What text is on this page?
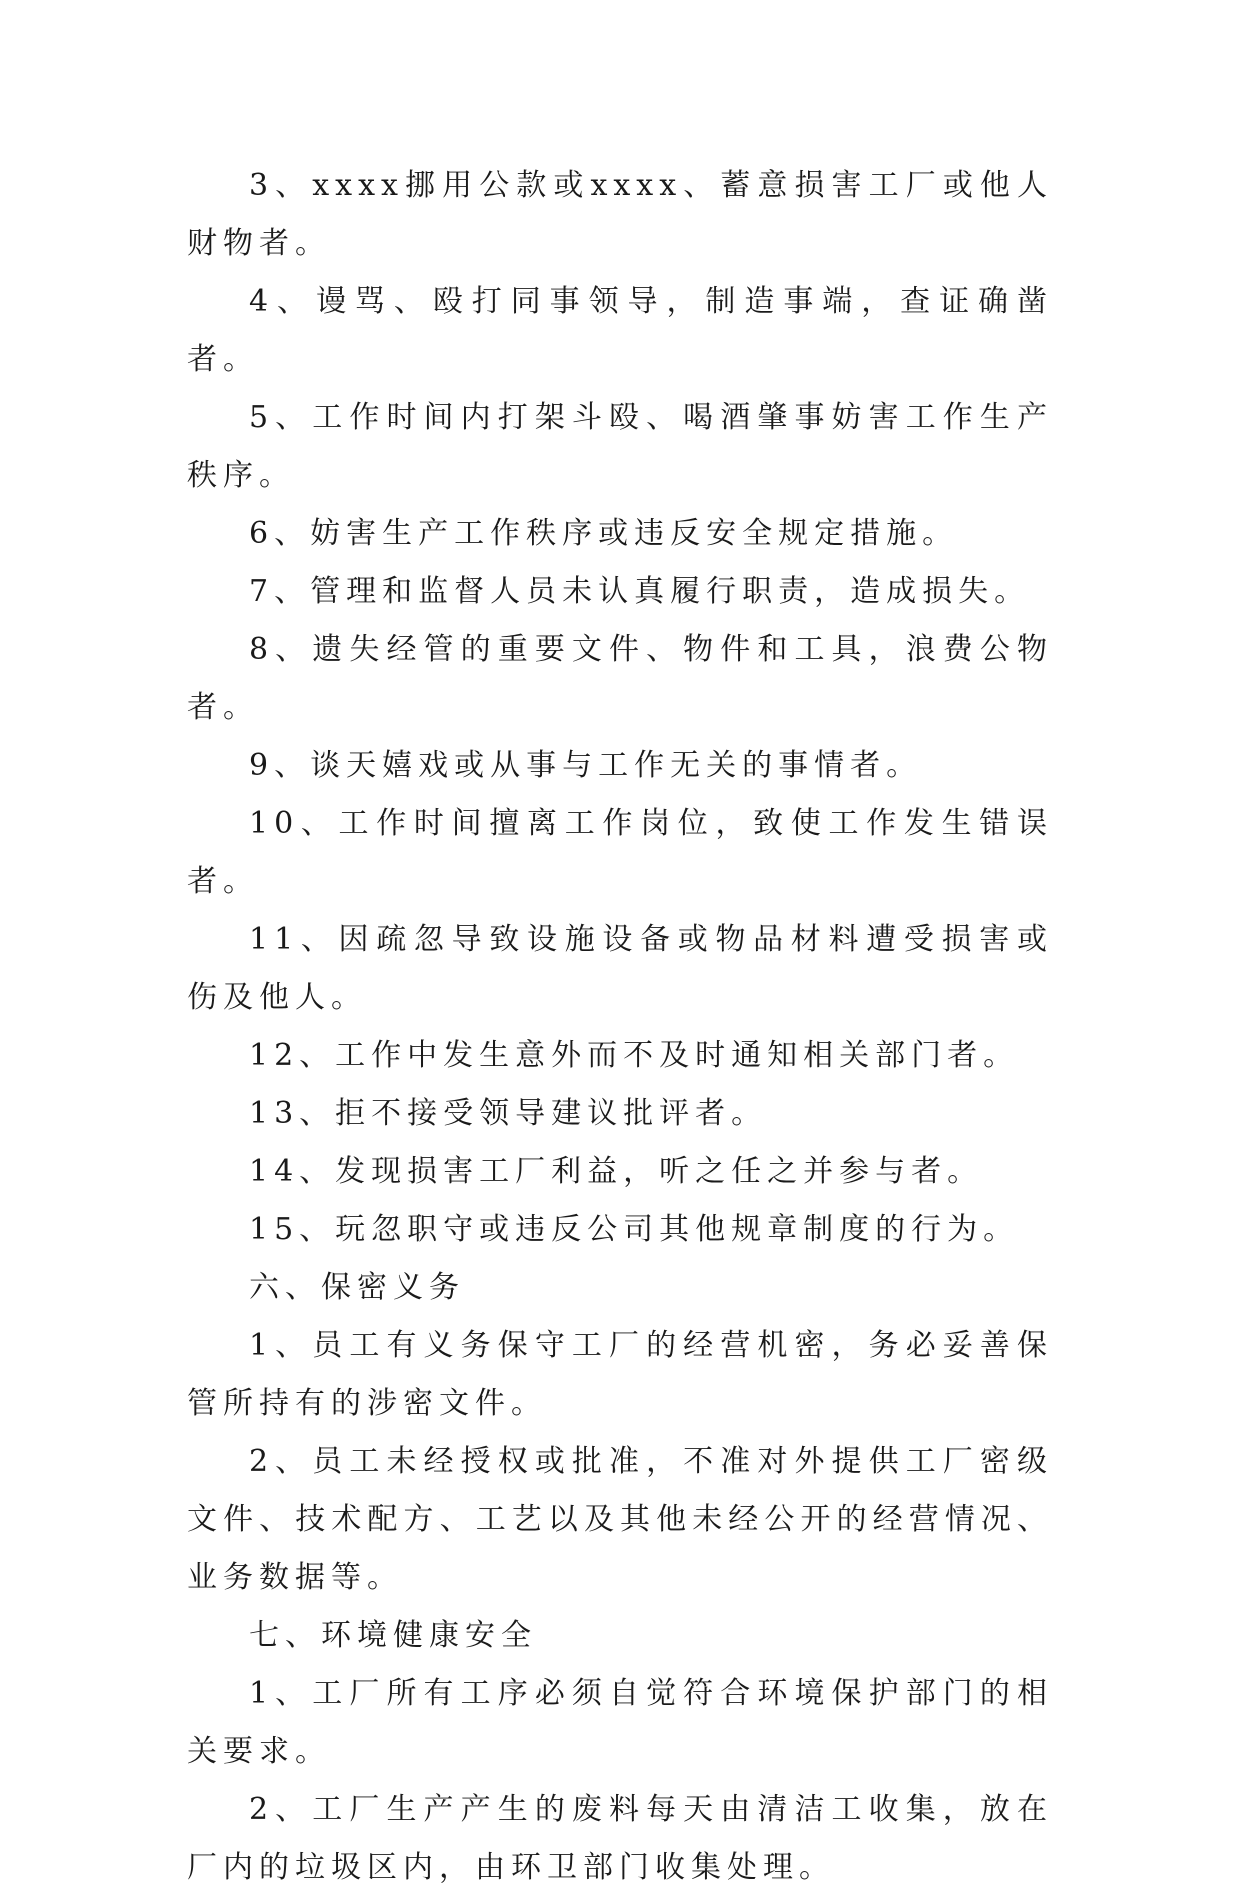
3、xxxx挪用公款或xxxx、蓄意损害工厂或他人财物者。

4、谩骂、殴打同事领导，制造事端，查证确凿者。

5、工作时间内打架斗殴、喝酒肇事妨害工作生产秩序。

6、妨害生产工作秩序或违反安全规定措施。

7、管理和监督人员未认真履行职责，造成损失。

8、遗失经管的重要文件、物件和工具，浪费公物者。

9、谈天嬉戏或从事与工作无关的事情者。

10、工作时间擅离工作岗位，致使工作发生错误者。

11、因疏忽导致设施设备或物品材料遭受损害或伤及他人。

12、工作中发生意外而不及时通知相关部门者。

13、拒不接受领导建议批评者。

14、发现损害工厂利益，听之任之并参与者。

15、玩忽职守或违反公司其他规章制度的行为。

六、保密义务

1、员工有义务保守工厂的经营机密，务必妥善保管所持有的涉密文件。

2、员工未经授权或批准，不准对外提供工厂密级文件、技术配方、工艺以及其他未经公开的经营情况、业务数据等。

七、环境健康安全

1、工厂所有工序必须自觉符合环境保护部门的相关要求。

2、工厂生产产生的废料每天由清洁工收集，放在厂内的垃圾区内，由环卫部门收集处理。
